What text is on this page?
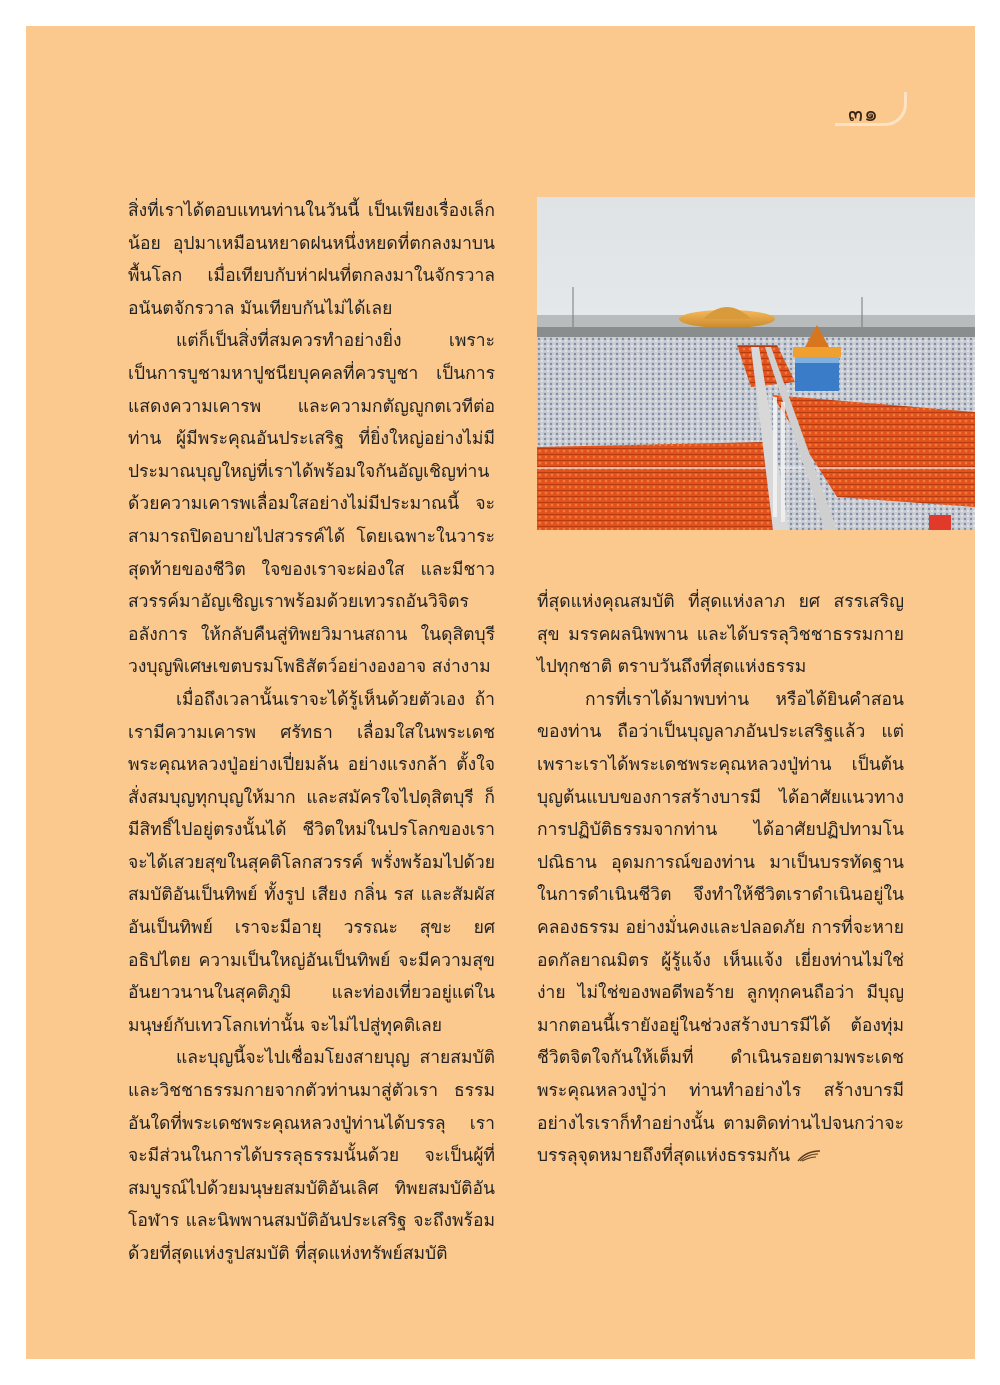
๓๑

สิ่งที่เราได้ตอบแทนท่านในวันนี้ เป็นเพียงเรื่องเล็กน้อย อุปมาเหมือนหยาดฝนหนึ่งหยดที่ตกลงมาบนพื้นโลก เมื่อเทียบกับห่าฝนที่ตกลงมาในจักรวาล อนันตจักรวาล มันเทียบกันไม่ได้เลย

แต่ก็เป็นสิ่งที่สมควรทำอย่างยิ่ง เพราะเป็นการบูชามหาปูชนียบุคคลที่ควรบูชา เป็นการแสดงความเคารพ และความกตัญญูกตเวทีต่อท่าน ผู้มีพระคุณอันประเสริฐ ที่ยิ่งใหญ่อย่างไม่มีประมาณบุญใหญ่ที่เราได้พร้อมใจกันอัญเชิญท่าน ด้วยความเคารพเลื่อมใสอย่างไม่มีประมาณนี้ จะสามารถปิดอบายไปสวรรค์ได้ โดยเฉพาะในวาระสุดท้ายของชีวิต ใจของเราจะผ่องใส และมีชาวสวรรค์มาอัญเชิญเราพร้อมด้วยเทวรถอันวิจิตรอลังการ ให้กลับคืนสู่ทิพยวิมานสถาน ในดุสิตบุรี วงบุญพิเศษเขตบรมโพธิสัตว์อย่างองอาจ สง่างาม

เมื่อถึงเวลานั้นเราจะได้รู้เห็นด้วยตัวเอง ถ้าเรามีความเคารพ ศรัทธา เลื่อมใสในพระเดชพระคุณหลวงปู่อย่างเปี่ยมล้น อย่างแรงกล้า ตั้งใจสั่งสมบุญทุกบุญให้มาก และสมัครใจไปดุสิตบุรี ก็มีสิทธิ์ไปอยู่ตรงนั้นได้ ชีวิตใหม่ในปรโลกของเราจะได้เสวยสุขในสุคติโลกสวรรค์ พรั่งพร้อมไปด้วยสมบัติอันเป็นทิพย์ ทั้งรูป เสียง กลิ่น รส และสัมผัสอันเป็นทิพย์ เราจะมีอายุ วรรณะ สุขะ ยศ อธิปไตย ความเป็นใหญ่อันเป็นทิพย์ จะมีความสุขอันยาวนานในสุคติภูมิ และท่องเที่ยวอยู่แต่ในมนุษย์กับเทวโลกเท่านั้น จะไม่ไปสู่ทุคติเลย

และบุญนี้จะไปเชื่อมโยงสายบุญ สายสมบัติและวิชชาธรรมกายจากตัวท่านมาสู่ตัวเรา ธรรมอันใดที่พระเดชพระคุณหลวงปู่ท่านได้บรรลุ เราจะมีส่วนในการได้บรรลุธรรมนั้นด้วย จะเป็นผู้ที่สมบูรณ์ไปด้วยมนุษยสมบัติอันเลิศ ทิพยสมบัติอันโอฬาร และนิพพานสมบัติอันประเสริฐ จะถึงพร้อมด้วยที่สุดแห่งรูปสมบัติ ที่สุดแห่งทรัพย์สมบัติ

ที่สุดแห่งคุณสมบัติ ที่สุดแห่งลาภ ยศ สรรเสริญ สุข มรรคผลนิพพาน และได้บรรลุวิชชาธรรมกายไปทุกชาติ ตราบวันถึงที่สุดแห่งธรรม

การที่เราได้มาพบท่าน หรือได้ยินคำสอนของท่าน ถือว่าเป็นบุญลาภอันประเสริฐแล้ว แต่เพราะเราได้พระเดชพระคุณหลวงปู่ท่าน เป็นต้นบุญต้นแบบของการสร้างบารมี ได้อาศัยแนวทางการปฏิบัติธรรมจากท่าน ได้อาศัยปฏิปทามโนปณิธาน อุดมการณ์ของท่าน มาเป็นบรรทัดฐานในการดำเนินชีวิต จึงทำให้ชีวิตเราดำเนินอยู่ในคลองธรรม อย่างมั่นคงและปลอดภัย การที่จะหายอดกัลยาณมิตร ผู้รู้แจ้ง เห็นแจ้ง เยี่ยงท่านไม่ใช่ง่าย ไม่ใช่ของพอดีพอร้าย ลูกทุกคนถือว่า มีบุญมากตอนนี้เรายังอยู่ในช่วงสร้างบารมีได้ ต้องทุ่มชีวิตจิตใจกันให้เต็มที่ ดำเนินรอยตามพระเดชพระคุณหลวงปู่ว่า ท่านทำอย่างไร สร้างบารมีอย่างไรเราก็ทำอย่างนั้น ตามติดท่านไปจนกว่าจะบรรลุจุดหมายถึงที่สุดแห่งธรรมกัน
